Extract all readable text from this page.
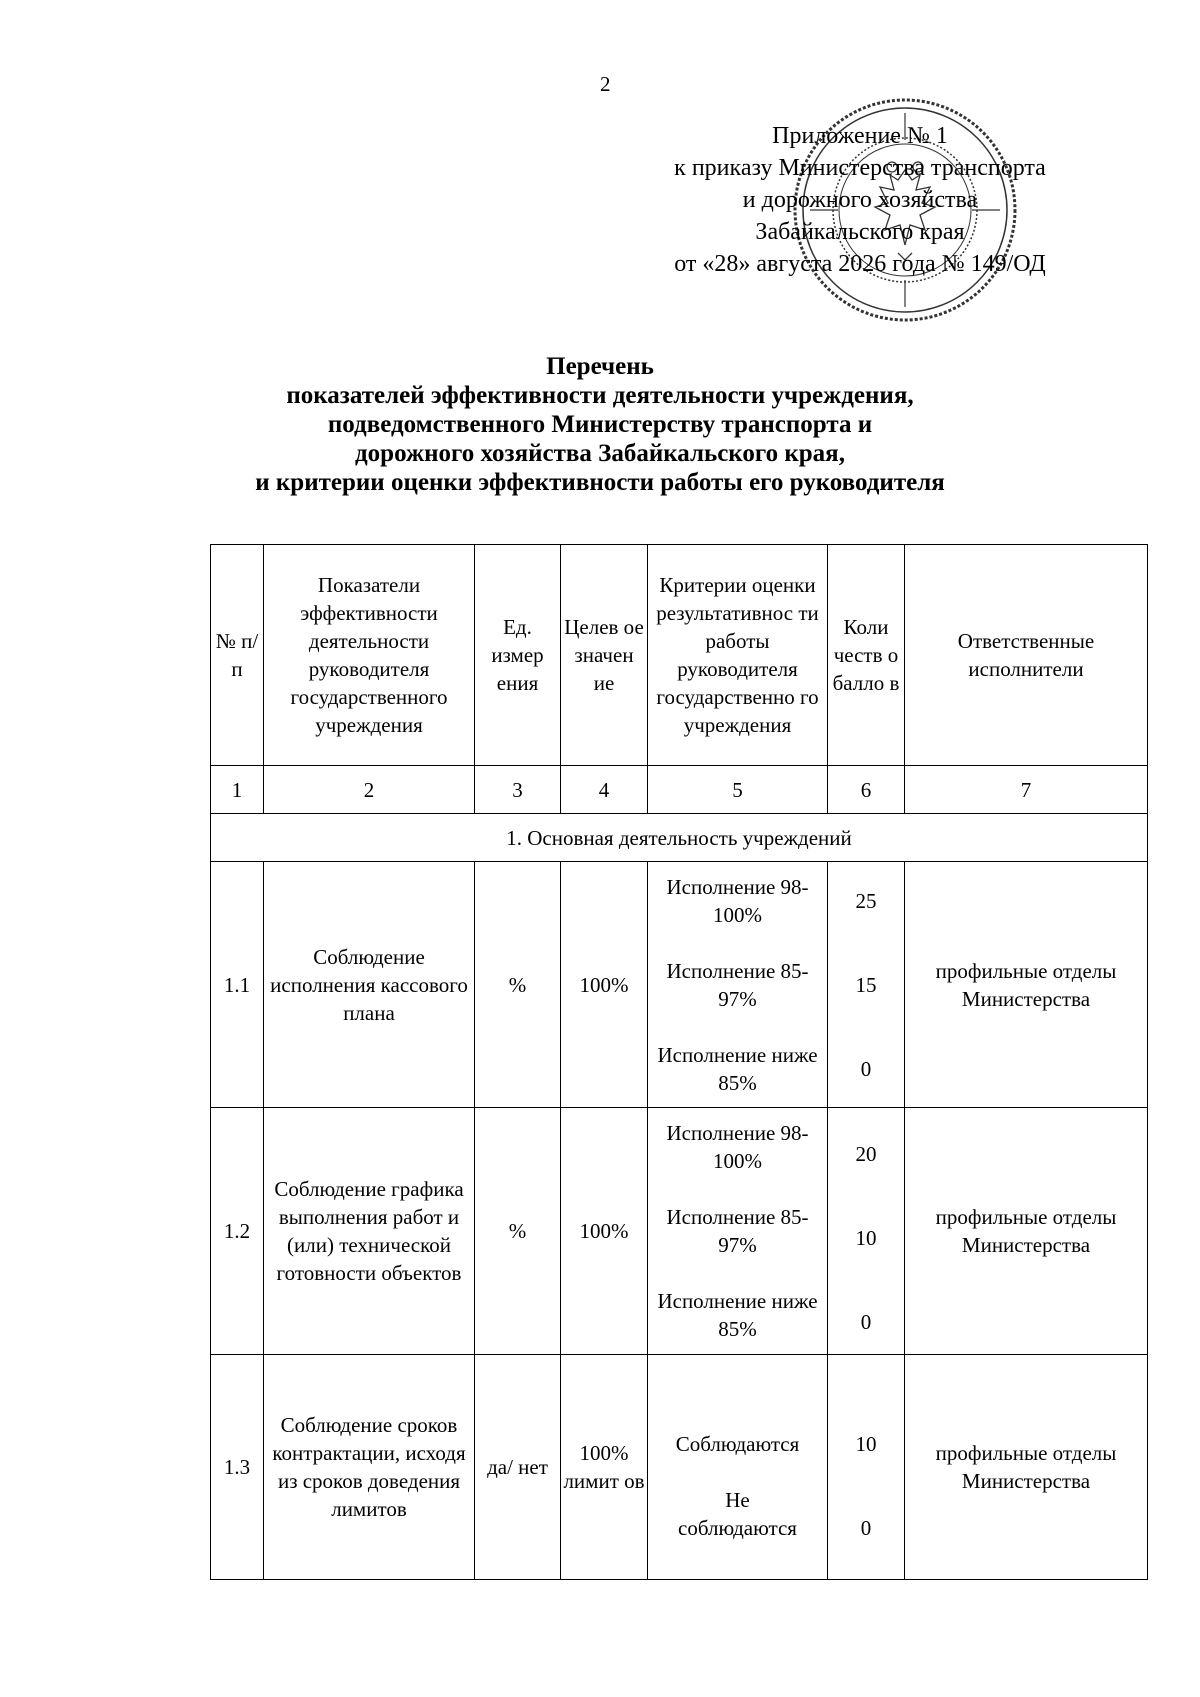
2
Приложение № 1
к приказу Министерства транспорта
и дорожного хозяйства
Забайкальского края
от «28» августа 2026 года № 149/ОД
Перечень
показателей эффективности деятельности учреждения,
подведомственного Министерству транспорта и
дорожного хозяйства Забайкальского края,
и критерии оценки эффективности работы его руководителя
№ п/п	Показатели эффективности деятельности руководителя государственного учреждения	Ед. измер ения	Целев ое значен ие	Критерии оценки результативнос ти работы руководителя государственно го учреждения	Коли честв о балло в	Ответственные исполнители
1	2	3	4	5	6	7
1. Основная деятельность учреждений						
1.1	Соблюдение исполнения кассового плана	%	100%	Исполнение 98-100%
Исполнение 85-97%
Исполнение ниже 85%	25
15
0	профильные отделы Министерства
1.2	Соблюдение графика выполнения работ и (или) технической готовности объектов	%	100%	Исполнение 98-100%
Исполнение 85-97%
Исполнение ниже 85%	20
10
0	профильные отделы Министерства
1.3	Соблюдение сроков контрактации, исходя из сроков доведения лимитов	да/ нет	100% лимит ов	Соблюдаются
Не соблюдаются	10
0	профильные отделы Министерства
